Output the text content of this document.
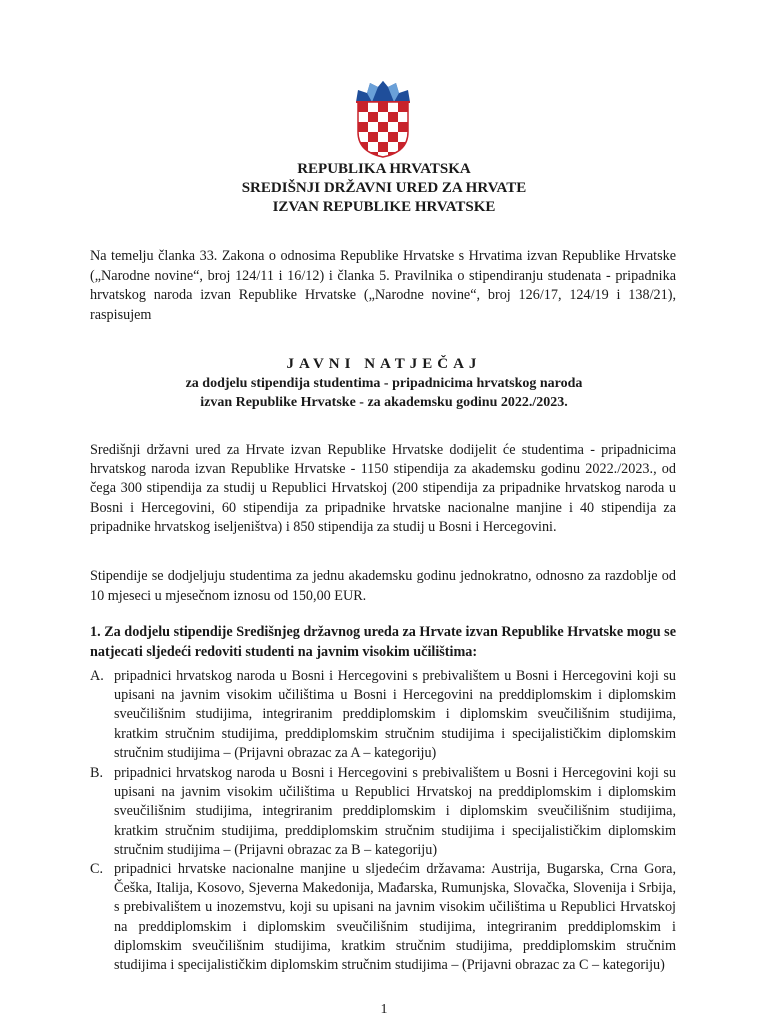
REPUBLIKA HRVATSKA
SREDIŠNJI DRŽAVNI URED ZA HRVATE
IZVAN REPUBLIKE HRVATSKE
Na temelju članka 33. Zakona o odnosima Republike Hrvatske s Hrvatima izvan Republike Hrvatske („Narodne novine“, broj 124/11 i 16/12) i članka 5. Pravilnika o stipendiranju studenata - pripadnika hrvatskog naroda izvan Republike Hrvatske („Narodne novine“, broj 126/17, 124/19 i 138/21), raspisujem
JAVNI NATJEČAJ
za dodjelu stipendija studentima - pripadnicima hrvatskog naroda
izvan Republike Hrvatske - za akademsku godinu 2022./2023.
Središnji državni ured za Hrvate izvan Republike Hrvatske dodijelit će studentima - pripadnicima hrvatskog naroda izvan Republike Hrvatske - 1150 stipendija za akademsku godinu 2022./2023., od čega 300 stipendija za studij u Republici Hrvatskoj (200 stipendija za pripadnike hrvatskog naroda u Bosni i Hercegovini, 60 stipendija za pripadnike hrvatske nacionalne manjine i 40 stipendija za pripadnike hrvatskog iseljeništva) i 850 stipendija za studij u Bosni i Hercegovini.
Stipendije se dodjeljuju studentima za jednu akademsku godinu jednokratno, odnosno za razdoblje od 10 mjeseci u mjesečnom iznosu od 150,00 EUR.
1. Za dodjelu stipendije Središnjeg državnog ureda za Hrvate izvan Republike Hrvatske mogu se natjecati sljedeći redoviti studenti na javnim visokim učilištima:
A. pripadnici hrvatskog naroda u Bosni i Hercegovini s prebivalištem u Bosni i Hercegovini koji su upisani na javnim visokim učilištima u Bosni i Hercegovini na preddiplomskim i diplomskim sveučilišnim studijima, integriranim preddiplomskim i diplomskim sveučilišnim studijima, kratkim stručnim studijima, preddiplomskim stručnim studijima i specijalističkim diplomskim stručnim studijima – (Prijavni obrazac za A – kategoriju)
B. pripadnici hrvatskog naroda u Bosni i Hercegovini s prebivalištem u Bosni i Hercegovini koji su upisani na javnim visokim učilištima u Republici Hrvatskoj na preddiplomskim i diplomskim sveučilišnim studijima, integriranim preddiplomskim i diplomskim sveučilišnim studijima, kratkim stručnim studijima, preddiplomskim stručnim studijima i specijalističkim diplomskim stručnim studijima – (Prijavni obrazac za B – kategoriju)
C. pripadnici hrvatske nacionalne manjine u sljedećim državama: Austrija, Bugarska, Crna Gora, Češka, Italija, Kosovo, Sjeverna Makedonija, Mađarska, Rumunjska, Slovačka, Slovenija i Srbija, s prebivalištem u inozemstvu, koji su upisani na javnim visokim učilištima u Republici Hrvatskoj na preddiplomskim i diplomskim sveučilišnim studijima, integriranim preddiplomskim i diplomskim sveučilišnim studijima, kratkim stručnim studijima, preddiplomskim stručnim studijima i specijalističkim diplomskim stručnim studijima – (Prijavni obrazac za C – kategoriju)
1
